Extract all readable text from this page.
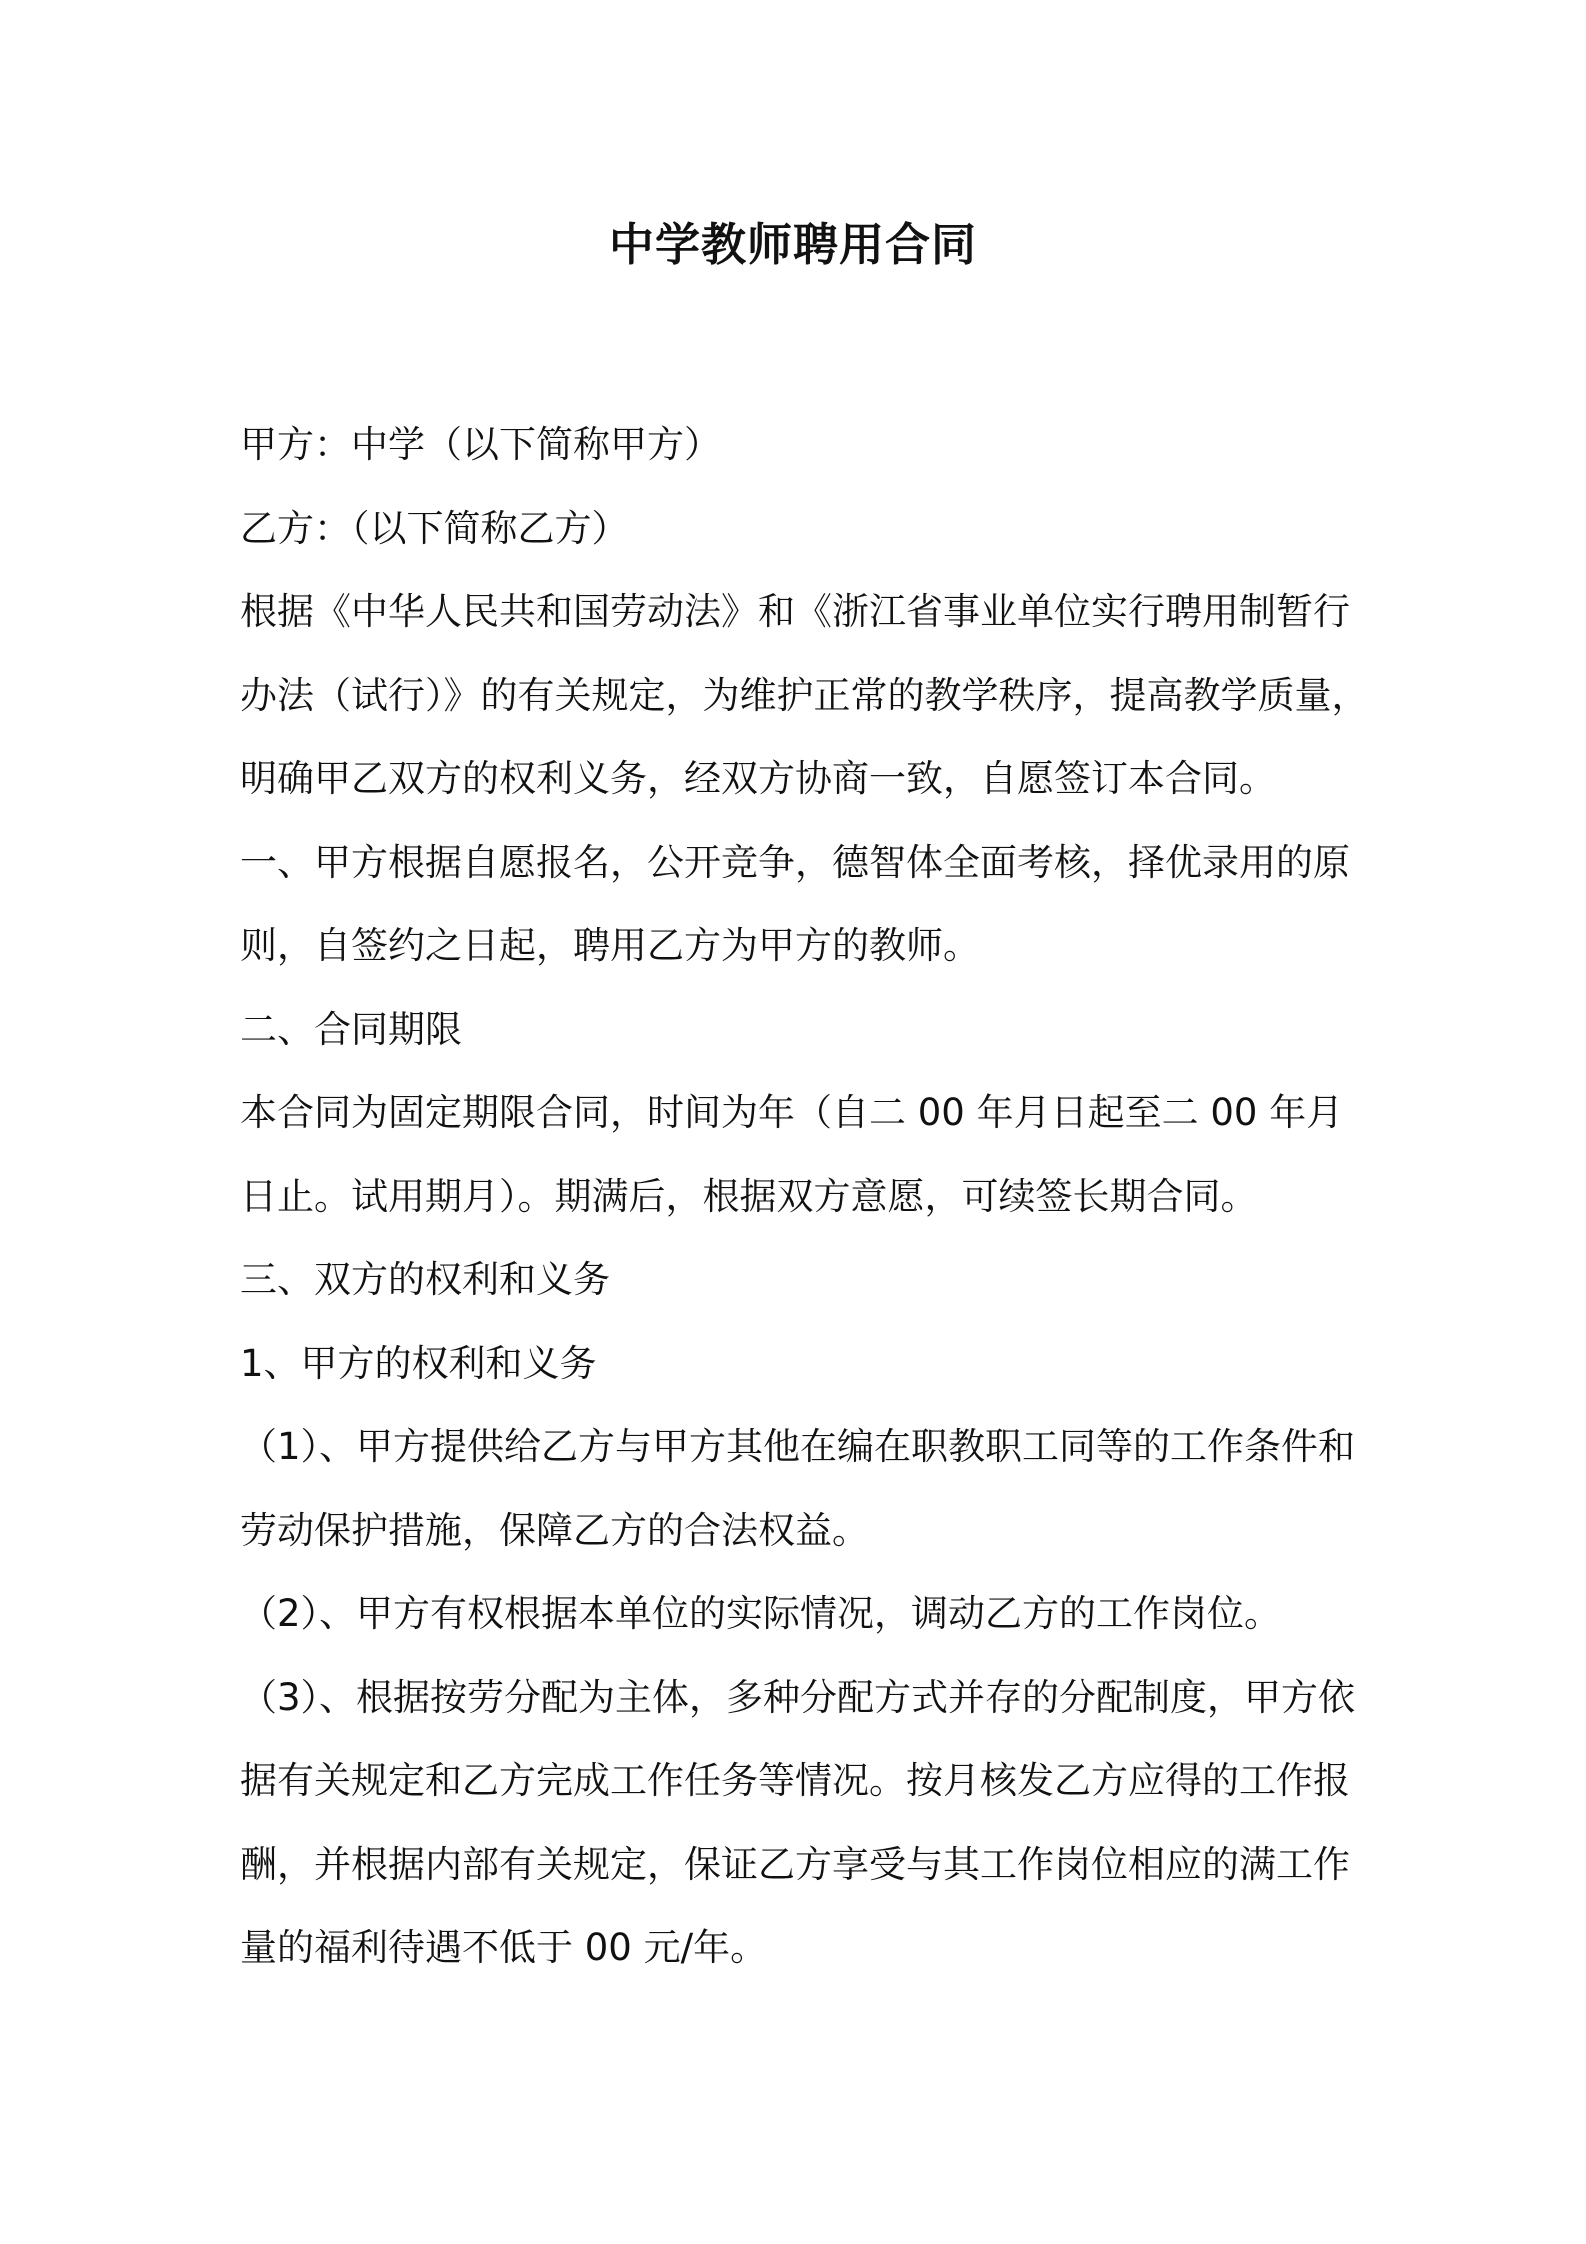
中学教师聘用合同

甲方：中学（以下简称甲方）

乙方：（以下简称乙方）

根据《中华人民共和国劳动法》和《浙江省事业单位实行聘用制暂行
办法（试行）》的有关规定，为维护正常的教学秩序，提高教学质量，
明确甲乙双方的权利义务，经双方协商一致，自愿签订本合同。

一、甲方根据自愿报名，公开竞争，德智体全面考核，择优录用的原
则，自签约之日起，聘用乙方为甲方的教师。

二、合同期限

本合同为固定期限合同，时间为年（自二 00 年月日起至二 00 年月
日止。试用期月）。期满后，根据双方意愿，可续签长期合同。

三、双方的权利和义务

1、甲方的权利和义务

（1）、甲方提供给乙方与甲方其他在编在职教职工同等的工作条件和
劳动保护措施，保障乙方的合法权益。

（2）、甲方有权根据本单位的实际情况，调动乙方的工作岗位。

（3）、根据按劳分配为主体，多种分配方式并存的分配制度，甲方依
据有关规定和乙方完成工作任务等情况。按月核发乙方应得的工作报
酬，并根据内部有关规定，保证乙方享受与其工作岗位相应的满工作
量的福利待遇不低于 00 元/年。
